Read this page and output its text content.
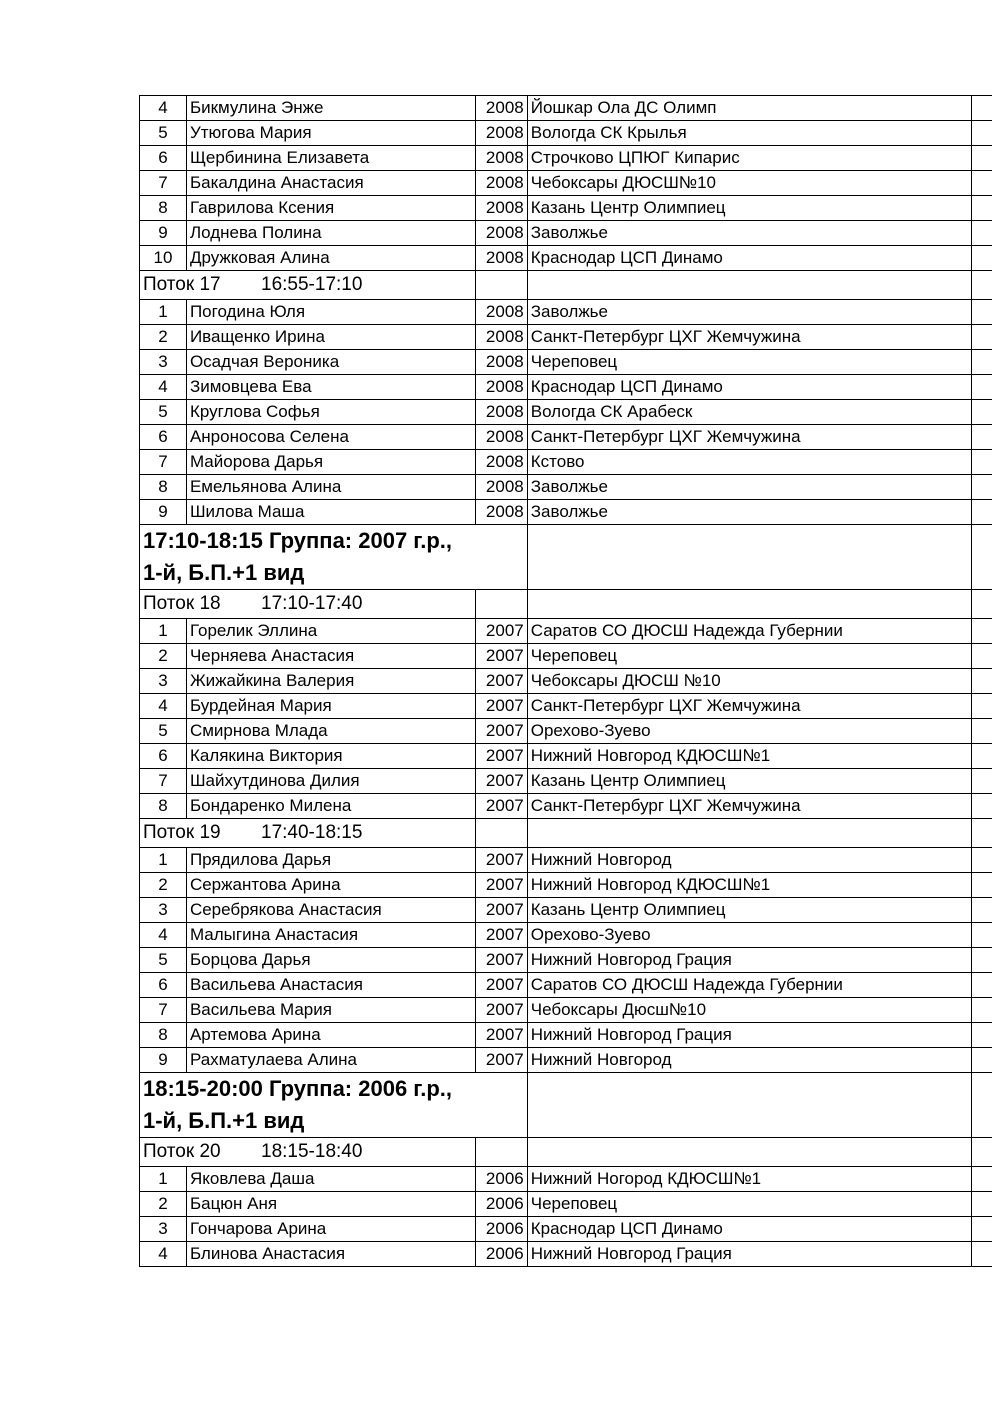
4	Бикмулина Энже	2008	Йошкар Ола ДС Олимп	
5	Утюгова Мария	2008	Вологда СК Крылья	
6	Щербинина Елизавета	2008	Строчково ЦПЮГ Кипарис	
7	Бакалдина Анастасия	2008	Чебоксары ДЮСШ№10	
8	Гаврилова Ксения	2008	Казань Центр Олимпиец	
9	Лоднева Полина	2008	Заволжье	
10	Дружковая Алина	2008	Краснодар ЦСП Динамо	
Поток 17 16:55-17:10				
1	Погодина Юля	2008	Заволжье	
2	Иващенко Ирина	2008	Санкт-Петербург ЦХГ Жемчужина	
3	Осадчая Вероника	2008	Череповец	
4	Зимовцева Ева	2008	Краснодар ЦСП Динамо	
5	Круглова Софья	2008	Вологда СК Арабеск	
6	Анроносова Селена	2008	Санкт-Петербург ЦХГ Жемчужина	
7	Майорова Дарья	2008	Кстово	
8	Емельянова Алина	2008	Заволжье	
9	Шилова Маша	2008	Заволжье	

17:10-18:15 Группа: 2007 г.р.,
1-й, Б.П.+1 вид				

Поток 18 17:10-17:40				
1	Горелик Эллина	2007	Саратов СО ДЮСШ Надежда Губернии	
2	Черняева Анастасия	2007	Череповец	
3	Жижайкина Валерия	2007	Чебоксары ДЮСШ №10	
4	Бурдейная Мария	2007	Санкт-Петербург ЦХГ Жемчужина	
5	Смирнова Млада	2007	Орехово-Зуево	
6	Калякина Виктория	2007	Нижний Новгород КДЮСШ№1	
7	Шайхутдинова Дилия	2007	Казань Центр Олимпиец	
8	Бондаренко Милена	2007	Санкт-Петербург ЦХГ Жемчужина	
Поток 19 17:40-18:15				
1	Прядилова Дарья	2007	Нижний Новгород	
2	Сержантова Арина	2007	Нижний Новгород КДЮСШ№1	
3	Серебрякова Анастасия	2007	Казань Центр Олимпиец	
4	Малыгина Анастасия	2007	Орехово-Зуево	
5	Борцова Дарья	2007	Нижний Новгород Грация	
6	Васильева Анастасия	2007	Саратов СО ДЮСШ Надежда Губернии	
7	Васильева Мария	2007	Чебоксары Дюсш№10	
8	Артемова Арина	2007	Нижний Новгород Грация	
9	Рахматулаева Алина	2007	Нижний Новгород	

18:15-20:00 Группа: 2006 г.р.,
1-й, Б.П.+1 вид				

Поток 20 18:15-18:40				
1	Яковлева Даша	2006	Нижний Ногород КДЮСШ№1	
2	Бацюн Аня	2006	Череповец	
3	Гончарова Арина	2006	Краснодар ЦСП Динамо	
4	Блинова Анастасия	2006	Нижний Новгород Грация	
